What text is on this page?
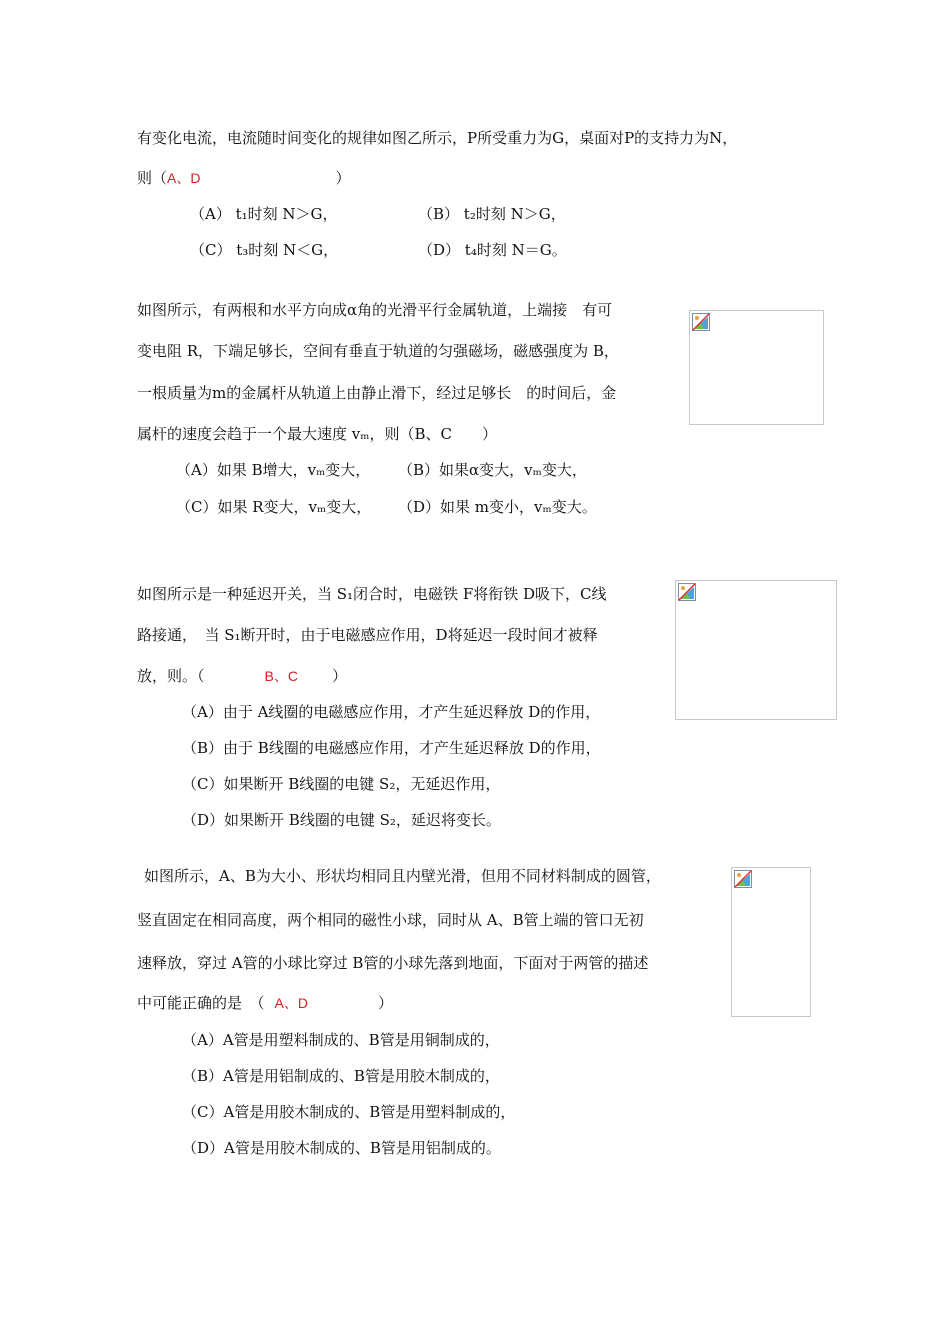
有变化电流，电流随时间变化的规律如图乙所示，P所受重力为G，桌面对P的支持力为N，
则（A、D	）
（A） t₁时刻 N＞G，	（B） t₂时刻 N＞G，
（C） t₃时刻 N＜G，	（D） t₄时刻 N＝G。
如图所示，有两根和水平方向成α角的光滑平行金属轨道，上端接　有可
变电阻 R，下端足够长，空间有垂直于轨道的匀强磁场，磁感强度为 B，
一根质量为m的金属杆从轨道上由静止滑下，经过足够长　的时间后，金
属杆的速度会趋于一个最大速度 vₘ，则（B、C　　）
（A）如果 B增大，vₘ变大， （B）如果α变大，vₘ变大，
（C）如果 R变大，vₘ变大， （D）如果 m变小，vₘ变大。
如图所示是一种延迟开关，当 S₁闭合时，电磁铁 F将衔铁 D吸下，C线
路接通，　当 S₁断开时，由于电磁感应作用，D将延迟一段时间才被释
放，则。（	B、C ）
（A）由于 A线圈的电磁感应作用，才产生延迟释放 D的作用，
（B）由于 B线圈的电磁感应作用，才产生延迟释放 D的作用，
（C）如果断开 B线圈的电键 S₂，无延迟作用，
（D）如果断开 B线圈的电键 S₂，延迟将变长。
如图所示，A、B为大小、形状均相同且内壁光滑，但用不同材料制成的圆管，
竖直固定在相同高度，两个相同的磁性小球，同时从 A、B管上端的管口无初
速释放，穿过 A管的小球比穿过 B管的小球先落到地面，下面对于两管的描述
中可能正确的是　（ A、D	）
（A）A管是用塑料制成的、B管是用铜制成的，
（B）A管是用铝制成的、B管是用胶木制成的，
（C）A管是用胶木制成的、B管是用塑料制成的，
（D）A管是用胶木制成的、B管是用铝制成的。
